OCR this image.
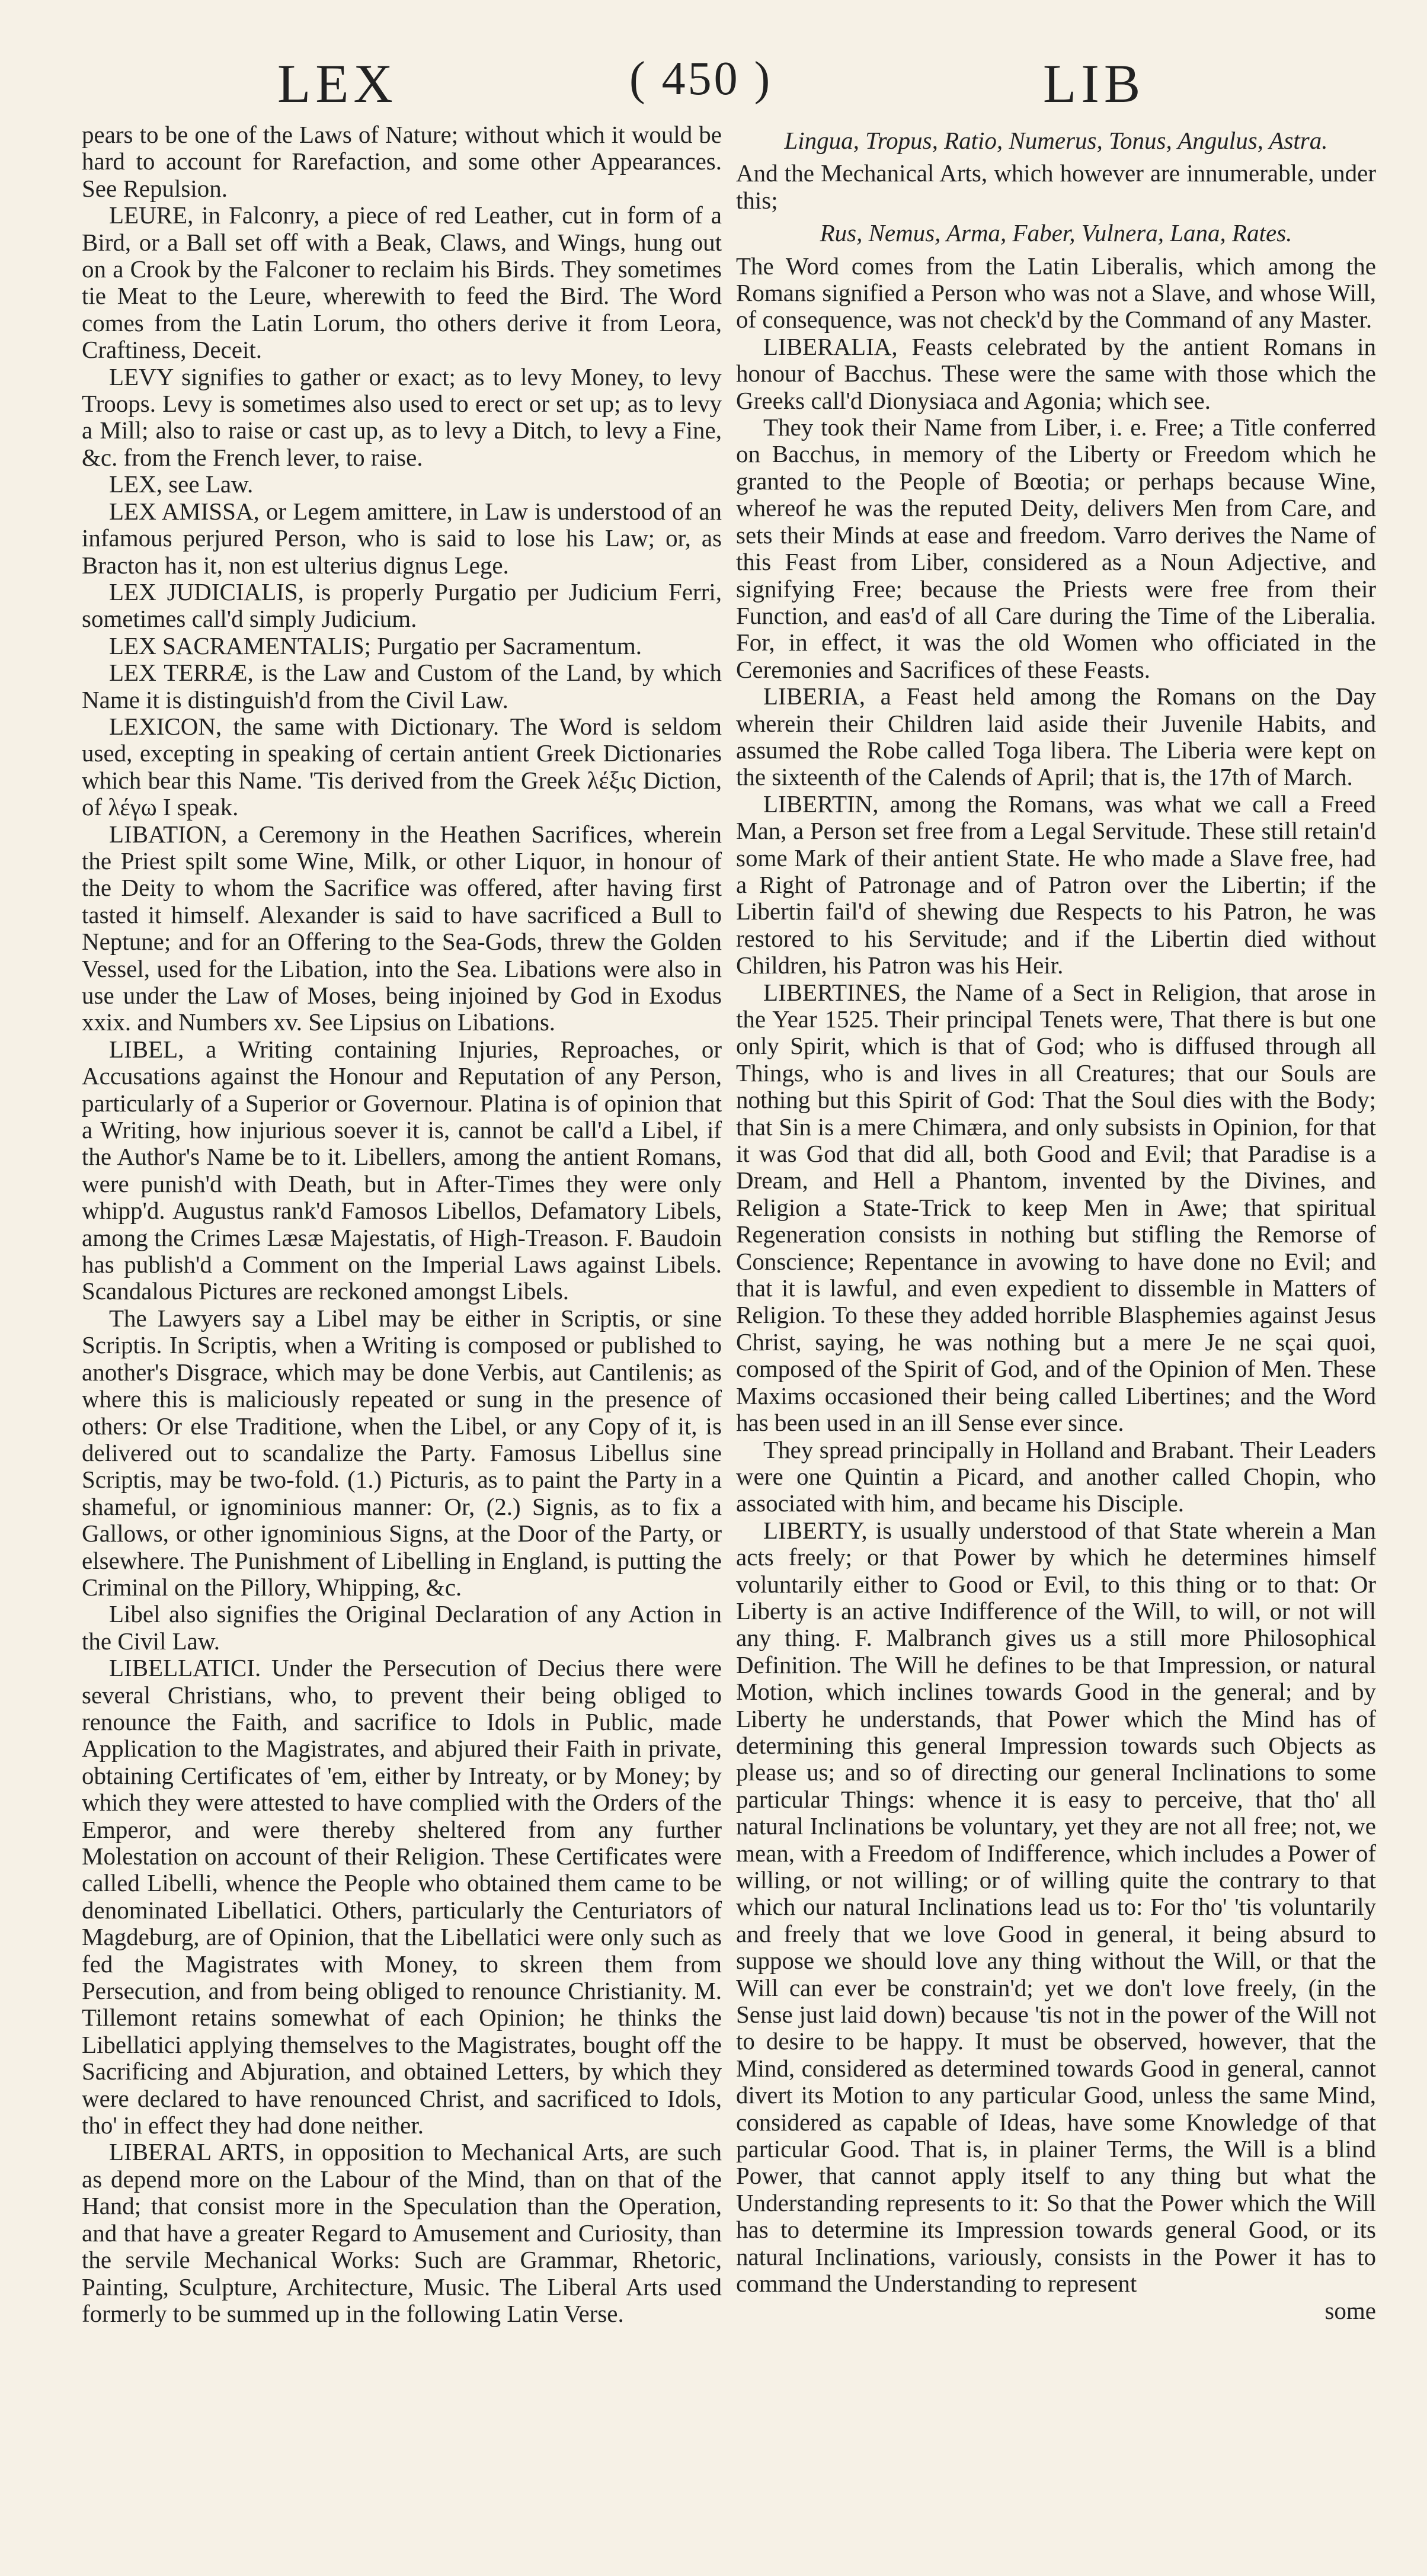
LEX	( 450 )	LIB

pears to be one of the Laws of Nature; without which it would be hard to account for Rarefaction, and some other Appearances. See Repulsion.

LEURE, in Falconry, a piece of red Leather, cut in form of a Bird, or a Ball set off with a Beak, Claws, and Wings, hung out on a Crook by the Falconer to reclaim his Birds. They sometimes tie Meat to the Leure, wherewith to feed the Bird. The Word comes from the Latin Lorum, tho others derive it from Leora, Craftiness, Deceit.

LEVY signifies to gather or exact; as to levy Money, to levy Troops. Levy is sometimes also used to erect or set up; as to levy a Mill; also to raise or cast up, as to levy a Ditch, to levy a Fine, &c. from the French lever, to raise.

LEX, see Law.

LEX AMISSA, or Legem amittere, in Law is understood of an infamous perjured Person, who is said to lose his Law; or, as Bracton has it, non est ulterius dignus Lege.

LEX JUDICIALIS, is properly Purgatio per Judicium Ferri, sometimes call'd simply Judicium.

LEX SACRAMENTALIS; Purgatio per Sacramentum.

LEX TERRÆ, is the Law and Custom of the Land, by which Name it is distinguish'd from the Civil Law.

LEXICON, the same with Dictionary. The Word is seldom used, excepting in speaking of certain antient Greek Dictionaries which bear this Name. 'Tis derived from the Greek λέξις Diction, of λέγω I speak.

LIBATION, a Ceremony in the Heathen Sacrifices, wherein the Priest spilt some Wine, Milk, or other Liquor, in honour of the Deity to whom the Sacrifice was offered, after having first tasted it himself. Alexander is said to have sacrificed a Bull to Neptune; and for an Offering to the Sea-Gods, threw the Golden Vessel, used for the Libation, into the Sea. Libations were also in use under the Law of Moses, being injoined by God in Exodus xxix. and Numbers xv. See Lipsius on Libations.

LIBEL, a Writing containing Injuries, Reproaches, or Accusations against the Honour and Reputation of any Person, particularly of a Superior or Governour. Platina is of opinion that a Writing, how injurious soever it is, cannot be call'd a Libel, if the Author's Name be to it. Libellers, among the antient Romans, were punish'd with Death, but in After-Times they were only whipp'd. Augustus rank'd Famosos Libellos, Defamatory Libels, among the Crimes Læsæ Majestatis, of High-Treason. F. Baudoin has publish'd a Comment on the Imperial Laws against Libels. Scandalous Pictures are reckoned amongst Libels.

The Lawyers say a Libel may be either in Scriptis, or sine Scriptis. In Scriptis, when a Writing is composed or published to another's Disgrace, which may be done Verbis, aut Cantilenis; as where this is maliciously repeated or sung in the presence of others: Or else Traditione, when the Libel, or any Copy of it, is delivered out to scandalize the Party. Famosus Libellus sine Scriptis, may be two-fold. (1.) Picturis, as to paint the Party in a shameful, or ignominious manner: Or, (2.) Signis, as to fix a Gallows, or other ignominious Signs, at the Door of the Party, or elsewhere. The Punishment of Libelling in England, is putting the Criminal on the Pillory, Whipping, &c.

Libel also signifies the Original Declaration of any Action in the Civil Law.

LIBELLATICI. Under the Persecution of Decius there were several Christians, who, to prevent their being obliged to renounce the Faith, and sacrifice to Idols in Public, made Application to the Magistrates, and abjured their Faith in private, obtaining Certificates of 'em, either by Intreaty, or by Money; by which they were attested to have complied with the Orders of the Emperor, and were thereby sheltered from any further Molestation on account of their Religion. These Certificates were called Libelli, whence the People who obtained them came to be denominated Libellatici. Others, particularly the Centuriators of Magdeburg, are of Opinion, that the Libellatici were only such as fed the Magistrates with Money, to skreen them from Persecution, and from being obliged to renounce Christianity. M. Tillemont retains somewhat of each Opinion; he thinks the Libellatici applying themselves to the Magistrates, bought off the Sacrificing and Abjuration, and obtained Letters, by which they were declared to have renounced Christ, and sacrificed to Idols, tho' in effect they had done neither.

LIBERAL ARTS, in opposition to Mechanical Arts, are such as depend more on the Labour of the Mind, than on that of the Hand; that consist more in the Speculation than the Operation, and that have a greater Regard to Amusement and Curiosity, than the servile Mechanical Works: Such are Grammar, Rhetoric, Painting, Sculpture, Architecture, Music. The Liberal Arts used formerly to be summed up in the following Latin Verse.

Lingua, Tropus, Ratio, Numerus, Tonus, Angulus, Astra.

And the Mechanical Arts, which however are innumerable, under this;

Rus, Nemus, Arma, Faber, Vulnera, Lana, Rates.

The Word comes from the Latin Liberalis, which among the Romans signified a Person who was not a Slave, and whose Will, of consequence, was not check'd by the Command of any Master.

LIBERALIA, Feasts celebrated by the antient Romans in honour of Bacchus. These were the same with those which the Greeks call'd Dionysiaca and Agonia; which see.

They took their Name from Liber, i. e. Free; a Title conferred on Bacchus, in memory of the Liberty or Freedom which he granted to the People of Bœotia; or perhaps because Wine, whereof he was the reputed Deity, delivers Men from Care, and sets their Minds at ease and freedom. Varro derives the Name of this Feast from Liber, considered as a Noun Adjective, and signifying Free; because the Priests were free from their Function, and eas'd of all Care during the Time of the Liberalia. For, in effect, it was the old Women who officiated in the Ceremonies and Sacrifices of these Feasts.

LIBERIA, a Feast held among the Romans on the Day wherein their Children laid aside their Juvenile Habits, and assumed the Robe called Toga libera. The Liberia were kept on the sixteenth of the Calends of April; that is, the 17th of March.

LIBERTIN, among the Romans, was what we call a Freed Man, a Person set free from a Legal Servitude. These still retain'd some Mark of their antient State. He who made a Slave free, had a Right of Patronage and of Patron over the Libertin; if the Libertin fail'd of shewing due Respects to his Patron, he was restored to his Servitude; and if the Libertin died without Children, his Patron was his Heir.

LIBERTINES, the Name of a Sect in Religion, that arose in the Year 1525. Their principal Tenets were, That there is but one only Spirit, which is that of God; who is diffused through all Things, who is and lives in all Creatures; that our Souls are nothing but this Spirit of God: That the Soul dies with the Body; that Sin is a mere Chimæra, and only subsists in Opinion, for that it was God that did all, both Good and Evil; that Paradise is a Dream, and Hell a Phantom, invented by the Divines, and Religion a State-Trick to keep Men in Awe; that spiritual Regeneration consists in nothing but stifling the Remorse of Conscience; Repentance in avowing to have done no Evil; and that it is lawful, and even expedient to dissemble in Matters of Religion. To these they added horrible Blasphemies against Jesus Christ, saying, he was nothing but a mere Je ne sçai quoi, composed of the Spirit of God, and of the Opinion of Men. These Maxims occasioned their being called Libertines; and the Word has been used in an ill Sense ever since.

They spread principally in Holland and Brabant. Their Leaders were one Quintin a Picard, and another called Chopin, who associated with him, and became his Disciple.

LIBERTY, is usually understood of that State wherein a Man acts freely; or that Power by which he determines himself voluntarily either to Good or Evil, to this thing or to that: Or Liberty is an active Indifference of the Will, to will, or not will any thing. F. Malbranch gives us a still more Philosophical Definition. The Will he defines to be that Impression, or natural Motion, which inclines towards Good in the general; and by Liberty he understands, that Power which the Mind has of determining this general Impression towards such Objects as please us; and so of directing our general Inclinations to some particular Things: whence it is easy to perceive, that tho' all natural Inclinations be voluntary, yet they are not all free; not, we mean, with a Freedom of Indifference, which includes a Power of willing, or not willing; or of willing quite the contrary to that which our natural Inclinations lead us to: For tho' 'tis voluntarily and freely that we love Good in general, it being absurd to suppose we should love any thing without the Will, or that the Will can ever be constrain'd; yet we don't love freely, (in the Sense just laid down) because 'tis not in the power of the Will not to desire to be happy. It must be observed, however, that the Mind, considered as determined towards Good in general, cannot divert its Motion to any particular Good, unless the same Mind, considered as capable of Ideas, have some Knowledge of that particular Good. That is, in plainer Terms, the Will is a blind Power, that cannot apply itself to any thing but what the Understanding represents to it: So that the Power which the Will has to determine its Impression towards general Good, or its natural Inclinations, variously, consists in the Power it has to command the Understanding to represent

some
